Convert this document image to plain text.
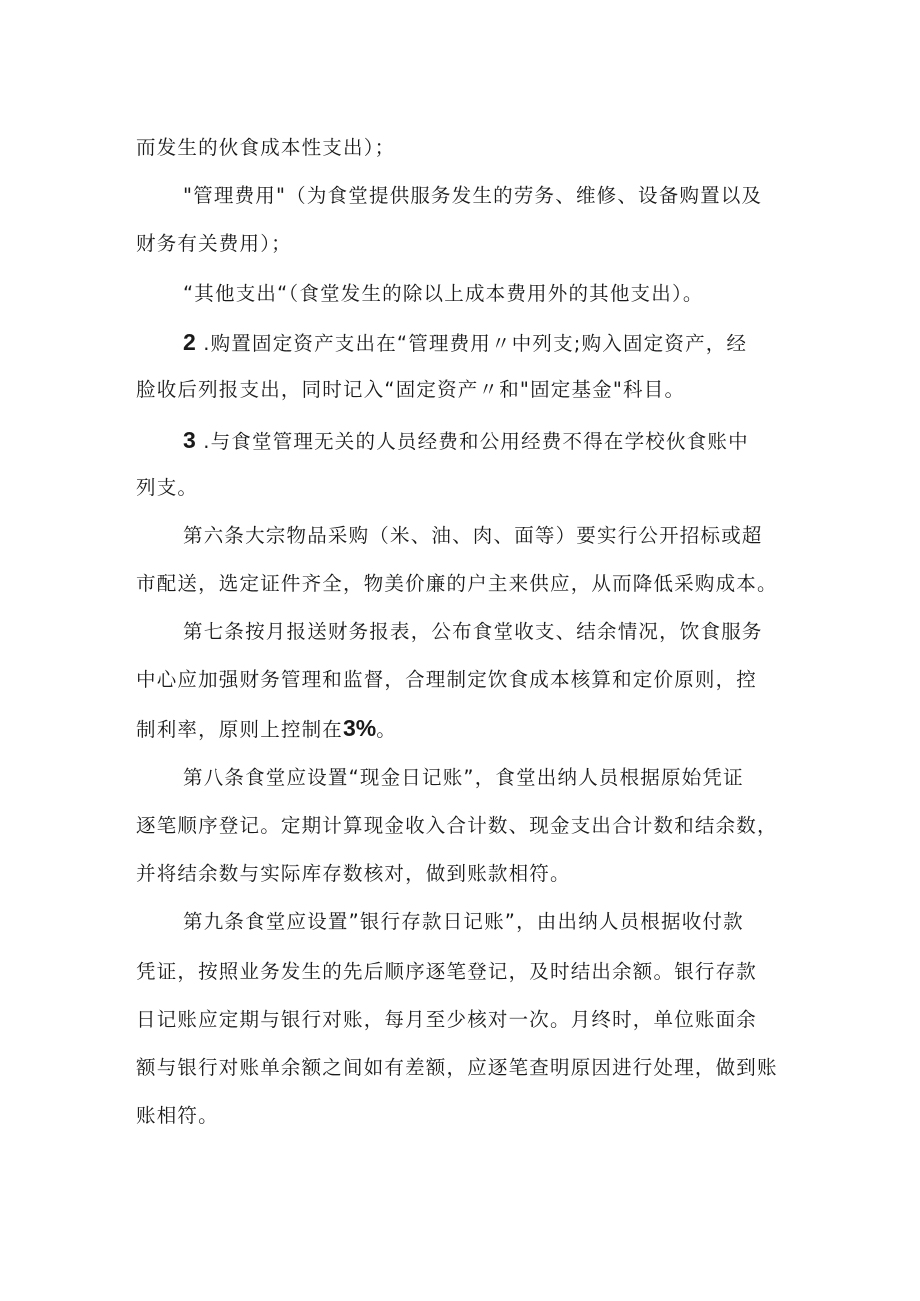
而发生的伙食成本性支出）；
"管理费用"（为食堂提供服务发生的劳务、维修、设备购置以及
财务有关费用）；
“其他支出“（食堂发生的除以上成本费用外的其他支出）。
2 .购置固定资产支出在“管理费用〃中列支;购入固定资产，经
脸收后列报支出，同时记入“固定资产〃和"固定基金"科目。
3 .与食堂管理无关的人员经费和公用经费不得在学校伙食账中
列支。
第六条大宗物品采购（米、油、肉、面等）要实行公开招标或超
市配送，选定证件齐全，物美价廉的户主来供应，从而降低采购成本。
第七条按月报送财务报表，公布食堂收支、结余情况，饮食服务
中心应加强财务管理和监督，合理制定饮食成本核算和定价原则，控
制利率，原则上控制在3%。
第八条食堂应设置“现金日记账”，食堂出纳人员根据原始凭证
逐笔顺序登记。定期计算现金收入合计数、现金支出合计数和结余数，
并将结余数与实际库存数核对，做到账款相符。
第九条食堂应设置”银行存款日记账”，由出纳人员根据收付款
凭证，按照业务发生的先后顺序逐笔登记，及时结出余额。银行存款
日记账应定期与银行对账，每月至少核对一次。月终时，单位账面余
额与银行对账单余额之间如有差额，应逐笔查明原因进行处理，做到账
账相符。
